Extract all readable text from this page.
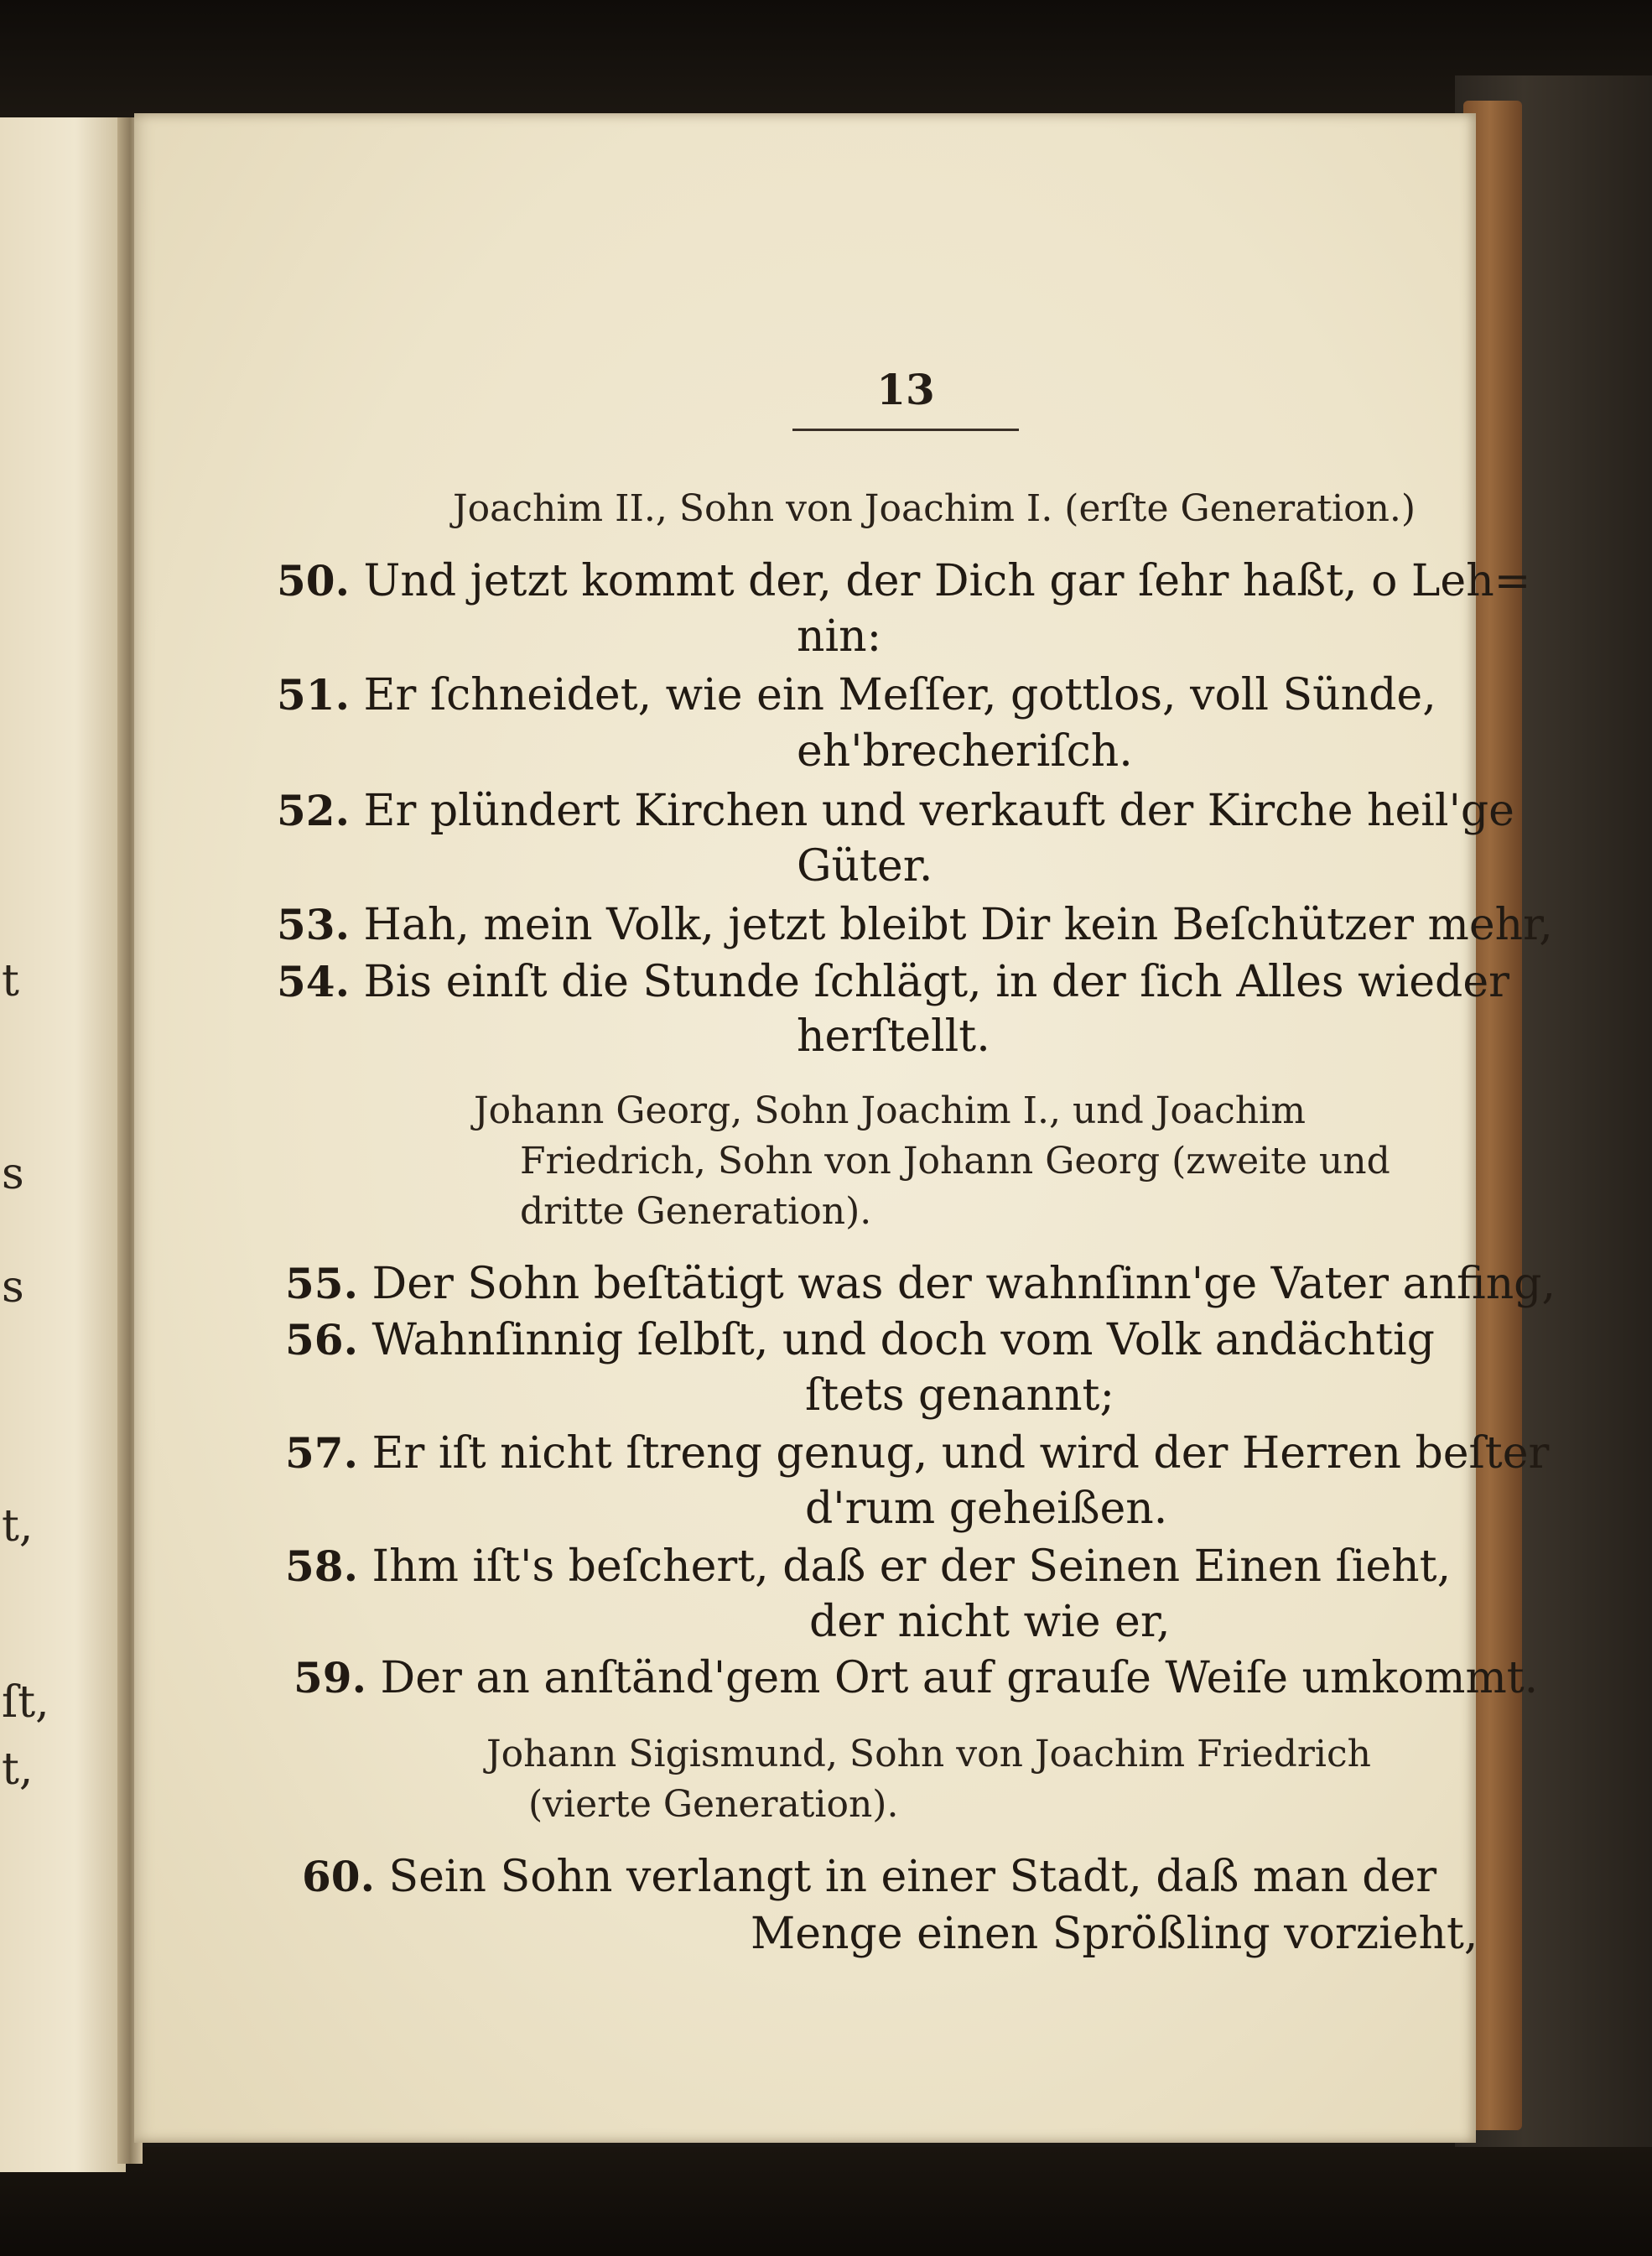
t
s
s
t,
ſt,
t,
13
Joachim II., Sohn von Joachim I. (erſte Generation.)
50. Und jetzt kommt der, der Dich gar ſehr haßt, o Leh=
nin:
51. Er ſchneidet, wie ein Meſſer, gottlos, voll Sünde,
eh'brecheriſch.
52. Er plündert Kirchen und verkauft der Kirche heil'ge
Güter.
53. Hah, mein Volk, jetzt bleibt Dir kein Beſchützer mehr,
54. Bis einſt die Stunde ſchlägt, in der ſich Alles wieder
herſtellt.
Johann Georg, Sohn Joachim I., und Joachim
Friedrich, Sohn von Johann Georg (zweite und
dritte Generation).
55. Der Sohn beſtätigt was der wahnſinn'ge Vater anfing,
56. Wahnſinnig ſelbſt, und doch vom Volk andächtig
ſtets genannt;
57. Er iſt nicht ſtreng genug, und wird der Herren beſter
d'rum geheißen.
58. Ihm iſt's beſchert, daß er der Seinen Einen ſieht,
der nicht wie er,
59. Der an anſtänd'gem Ort auf grauſe Weiſe umkommt.
Johann Sigismund, Sohn von Joachim Friedrich
(vierte Generation).
60. Sein Sohn verlangt in einer Stadt, daß man der
Menge einen Sprößling vorzieht,
